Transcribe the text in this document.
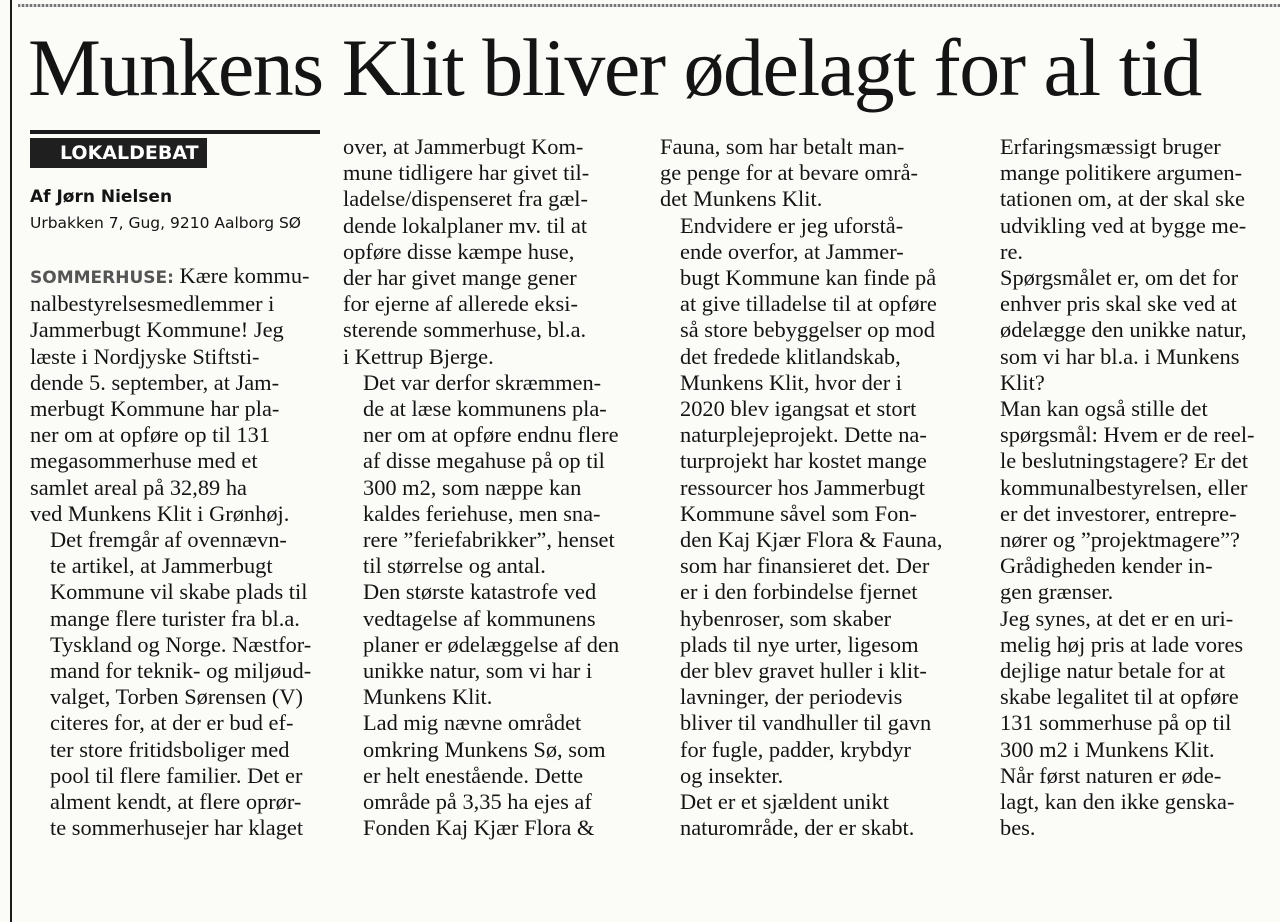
Munkens Klit bliver ødelagt for al tid
LOKALDEBAT
Af Jørn Nielsen
Urbakken 7, Gug, 9210 Aalborg SØ

SOMMERHUSE: Kære kommu-
nalbestyrelsesmedlemmer i
Jammerbugt Kommune! Jeg
læste i Nordjyske Stiftsti-
dende 5. september, at Jam-
merbugt Kommune har pla-
ner om at opføre op til 131
megasommerhuse med et
samlet areal på 32,89 ha
ved Munkens Klit i Grønhøj.

Det fremgår af ovennævn-
te artikel, at Jammerbugt
Kommune vil skabe plads til
mange flere turister fra bl.a.
Tyskland og Norge. Næstfor-
mand for teknik- og miljøud-
valget, Torben Sørensen (V)
citeres for, at der er bud ef-
ter store fritidsboliger med
pool til flere familier. Det er
alment kendt, at flere oprør-
te sommerhusejer har klaget

over, at Jammerbugt Kom-
mune tidligere har givet til-
ladelse/dispenseret fra gæl-
dende lokalplaner mv. til at
opføre disse kæmpe huse,
der har givet mange gener
for ejerne af allerede eksi-
sterende sommerhuse, bl.a.
i Kettrup Bjerge.

Det var derfor skræmmen-
de at læse kommunens pla-
ner om at opføre endnu flere
af disse megahuse på op til
300 m2, som næppe kan
kaldes feriehuse, men sna-
rere ”feriefabrikker”, henset
til størrelse og antal.

Den største katastrofe ved
vedtagelse af kommunens
planer er ødelæggelse af den
unikke natur, som vi har i
Munkens Klit.

Lad mig nævne området
omkring Munkens Sø, som
er helt enestående. Dette
område på 3,35 ha ejes af
Fonden Kaj Kjær Flora &

Fauna, som har betalt man-
ge penge for at bevare områ-
det Munkens Klit.

Endvidere er jeg uforstå-
ende overfor, at Jammer-
bugt Kommune kan finde på
at give tilladelse til at opføre
så store bebyggelser op mod
det fredede klitlandskab,
Munkens Klit, hvor der i
2020 blev igangsat et stort
naturplejeprojekt. Dette na-
turprojekt har kostet mange
ressourcer hos Jammerbugt
Kommune såvel som Fon-
den Kaj Kjær Flora & Fauna,
som har finansieret det. Der
er i den forbindelse fjernet
hybenroser, som skaber
plads til nye urter, ligesom
der blev gravet huller i klit-
lavninger, der periodevis
bliver til vandhuller til gavn
for fugle, padder, krybdyr
og insekter.

Det er et sjældent unikt
naturområde, der er skabt.

Erfaringsmæssigt bruger
mange politikere argumen-
tationen om, at der skal ske
udvikling ved at bygge me-
re.

Spørgsmålet er, om det for
enhver pris skal ske ved at
ødelægge den unikke natur,
som vi har bl.a. i Munkens
Klit?

Man kan også stille det
spørgsmål: Hvem er de reel-
le beslutningstagere? Er det
kommunalbestyrelsen, eller
er det investorer, entrepre-
nører og ”projektmagere”?

Grådigheden kender in-
gen grænser.

Jeg synes, at det er en uri-
melig høj pris at lade vores
dejlige natur betale for at
skabe legalitet til at opføre
131 sommerhuse på op til
300 m2 i Munkens Klit.

Når først naturen er øde-
lagt, kan den ikke genska-
bes.
